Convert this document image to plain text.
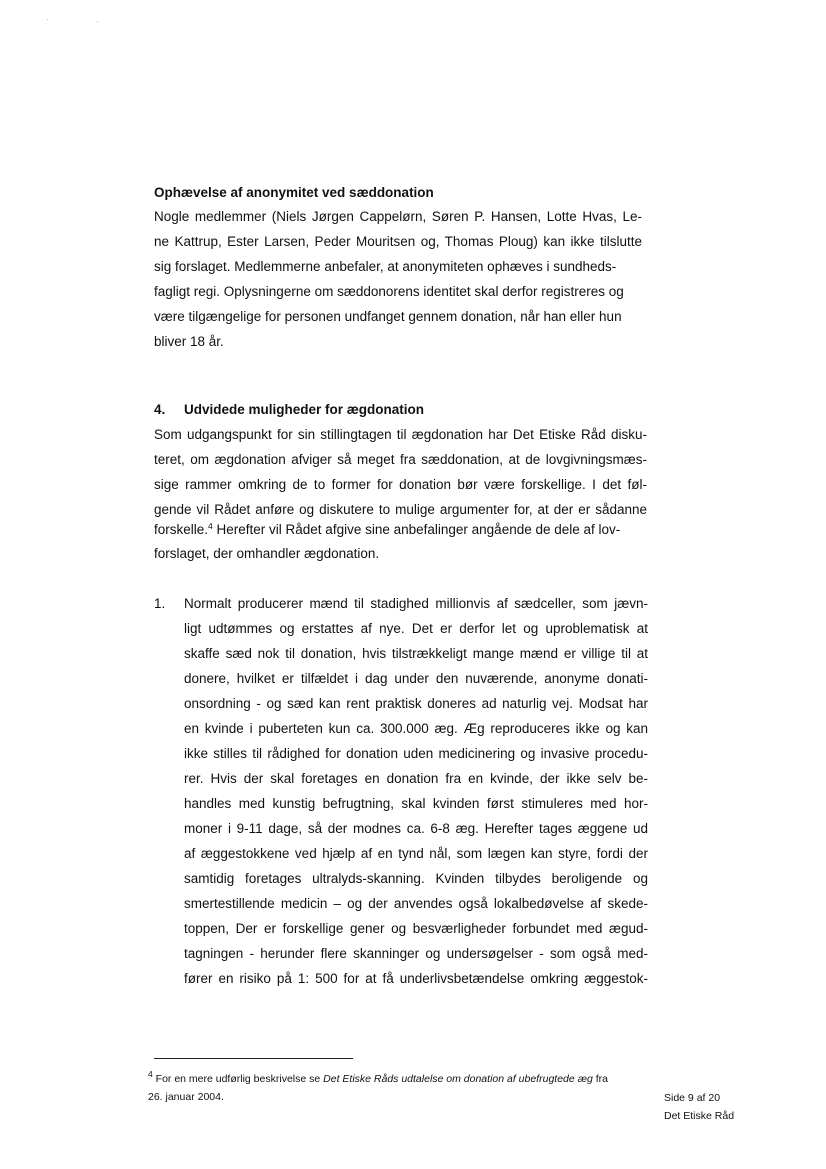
Ophævelse af anonymitet ved sæddonation
Nogle medlemmer (Niels Jørgen Cappelørn, Søren P. Hansen, Lotte Hvas, Le-
ne Kattrup, Ester Larsen, Peder Mouritsen og, Thomas Ploug) kan ikke tilslutte
sig forslaget. Medlemmerne anbefaler, at anonymiteten ophæves i sundheds-
fagligt regi. Oplysningerne om sæddonorens identitet skal derfor registreres og
være tilgængelige for personen undfanget gennem donation, når han eller hun
bliver 18 år.
4. Udvidede muligheder for ægdonation
Som udgangspunkt for sin stillingtagen til ægdonation har Det Etiske Råd disku-
teret, om ægdonation afviger så meget fra sæddonation, at de lovgivningsmæs-
sige rammer omkring de to former for donation bør være forskellige. I det føl-
gende vil Rådet anføre og diskutere to mulige argumenter for, at der er sådanne
forskelle.$^4$ Herefter vil Rådet afgive sine anbefalinger angående de dele af lov-
forslaget, der omhandler ægdonation.
1. Normalt producerer mænd til stadighed millionvis af sædceller, som jævn-
ligt udtømmes og erstattes af nye. Det er derfor let og uproblematisk at
skaffe sæd nok til donation, hvis tilstrækkeligt mange mænd er villige til at
donere, hvilket er tilfældet i dag under den nuværende, anonyme donati-
onsordning - og sæd kan rent praktisk doneres ad naturlig vej. Modsat har
en kvinde i puberteten kun ca. 300.000 æg. Æg reproduceres ikke og kan
ikke stilles til rådighed for donation uden medicinering og invasive procedu-
rer. Hvis der skal foretages en donation fra en kvinde, der ikke selv be-
handles med kunstig befrugtning, skal kvinden først stimuleres med hor-
moner i 9-11 dage, så der modnes ca. 6-8 æg. Herefter tages æggene ud
af æggestokkene ved hjælp af en tynd nål, som lægen kan styre, fordi der
samtidig foretages ultralyds-skanning. Kvinden tilbydes beroligende og
smertestillende medicin – og der anvendes også lokalbedøvelse af skede-
toppen, Der er forskellige gener og besværligheder forbundet med ægud-
tagningen - herunder flere skanninger og undersøgelser - som også med-
fører en risiko på 1: 500 for at få underlivsbetændelse omkring æggestok-
$^4$ For en mere udførlig beskrivelse se Det Etiske Råds udtalelse om donation af ubefrugtede æg fra
26. januar 2004.	Side 9 af 20
Det Etiske Råd
